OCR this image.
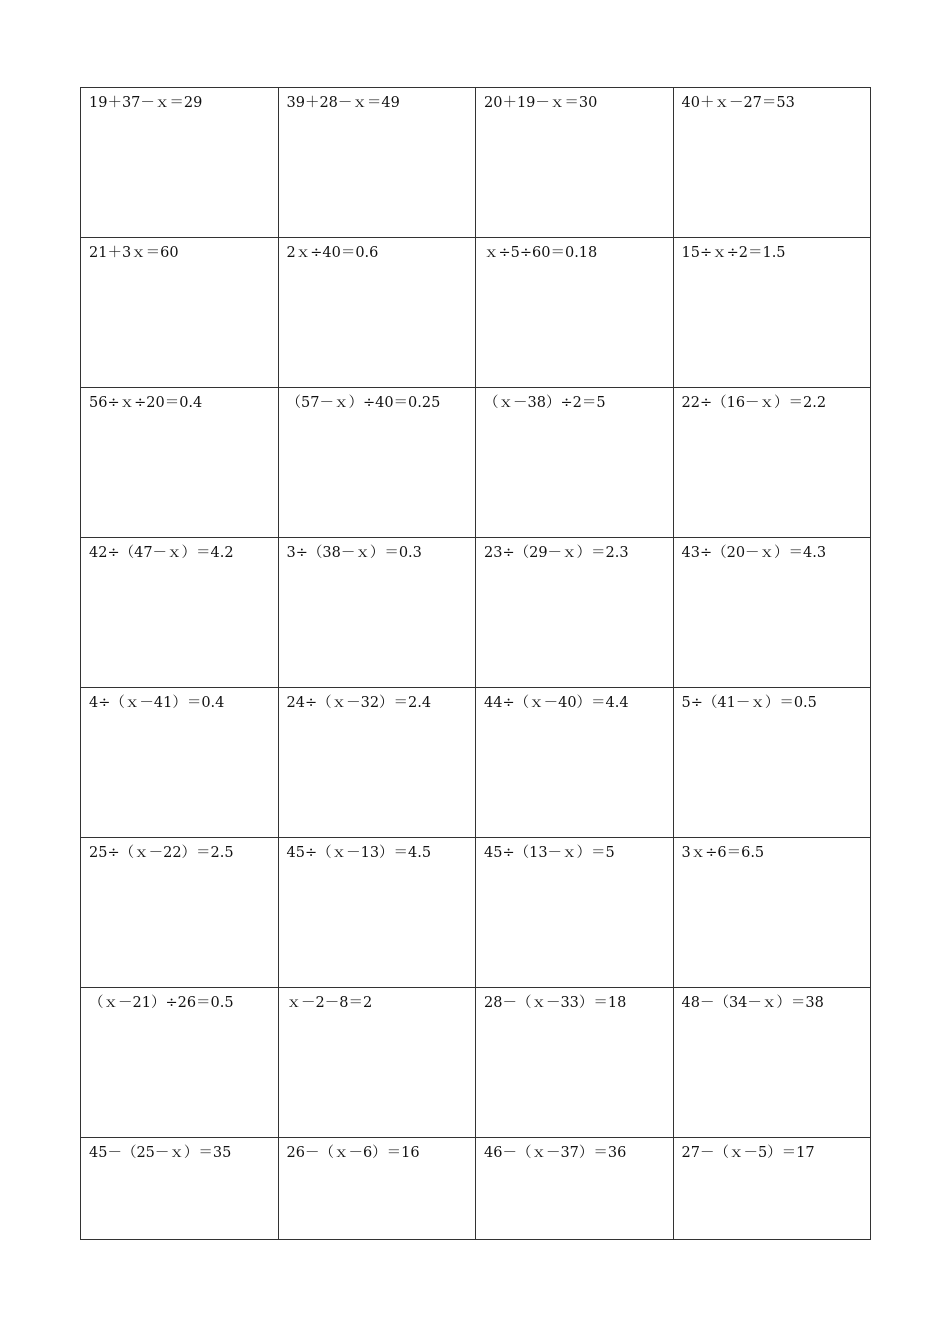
19＋37－ｘ＝29	39＋28－ｘ＝49	20＋19－ｘ＝30	40＋ｘ－27＝53

21＋3ｘ＝60	2ｘ÷40＝0.6	ｘ÷5÷60＝0.18	15÷ｘ÷2＝1.5

56÷ｘ÷20＝0.4	（57－ｘ）÷40＝0.25	（ｘ－38）÷2＝5	22÷（16－ｘ）＝2.2

42÷（47－ｘ）＝4.2	3÷（38－ｘ）＝0.3	23÷（29－ｘ）＝2.3	43÷（20－ｘ）＝4.3

4÷（ｘ－41）＝0.4	24÷（ｘ－32）＝2.4	44÷（ｘ－40）＝4.4	5÷（41－ｘ）＝0.5

25÷（ｘ－22）＝2.5	45÷（ｘ－13）＝4.5	45÷（13－ｘ）＝5	3ｘ÷6＝6.5

（ｘ－21）÷26＝0.5	ｘ－2－8＝2	28－（ｘ－33）＝18	48－（34－ｘ）＝38

45－（25－ｘ）＝35	26－（ｘ－6）＝16	46－（ｘ－37）＝36	27－（ｘ－5）＝17
